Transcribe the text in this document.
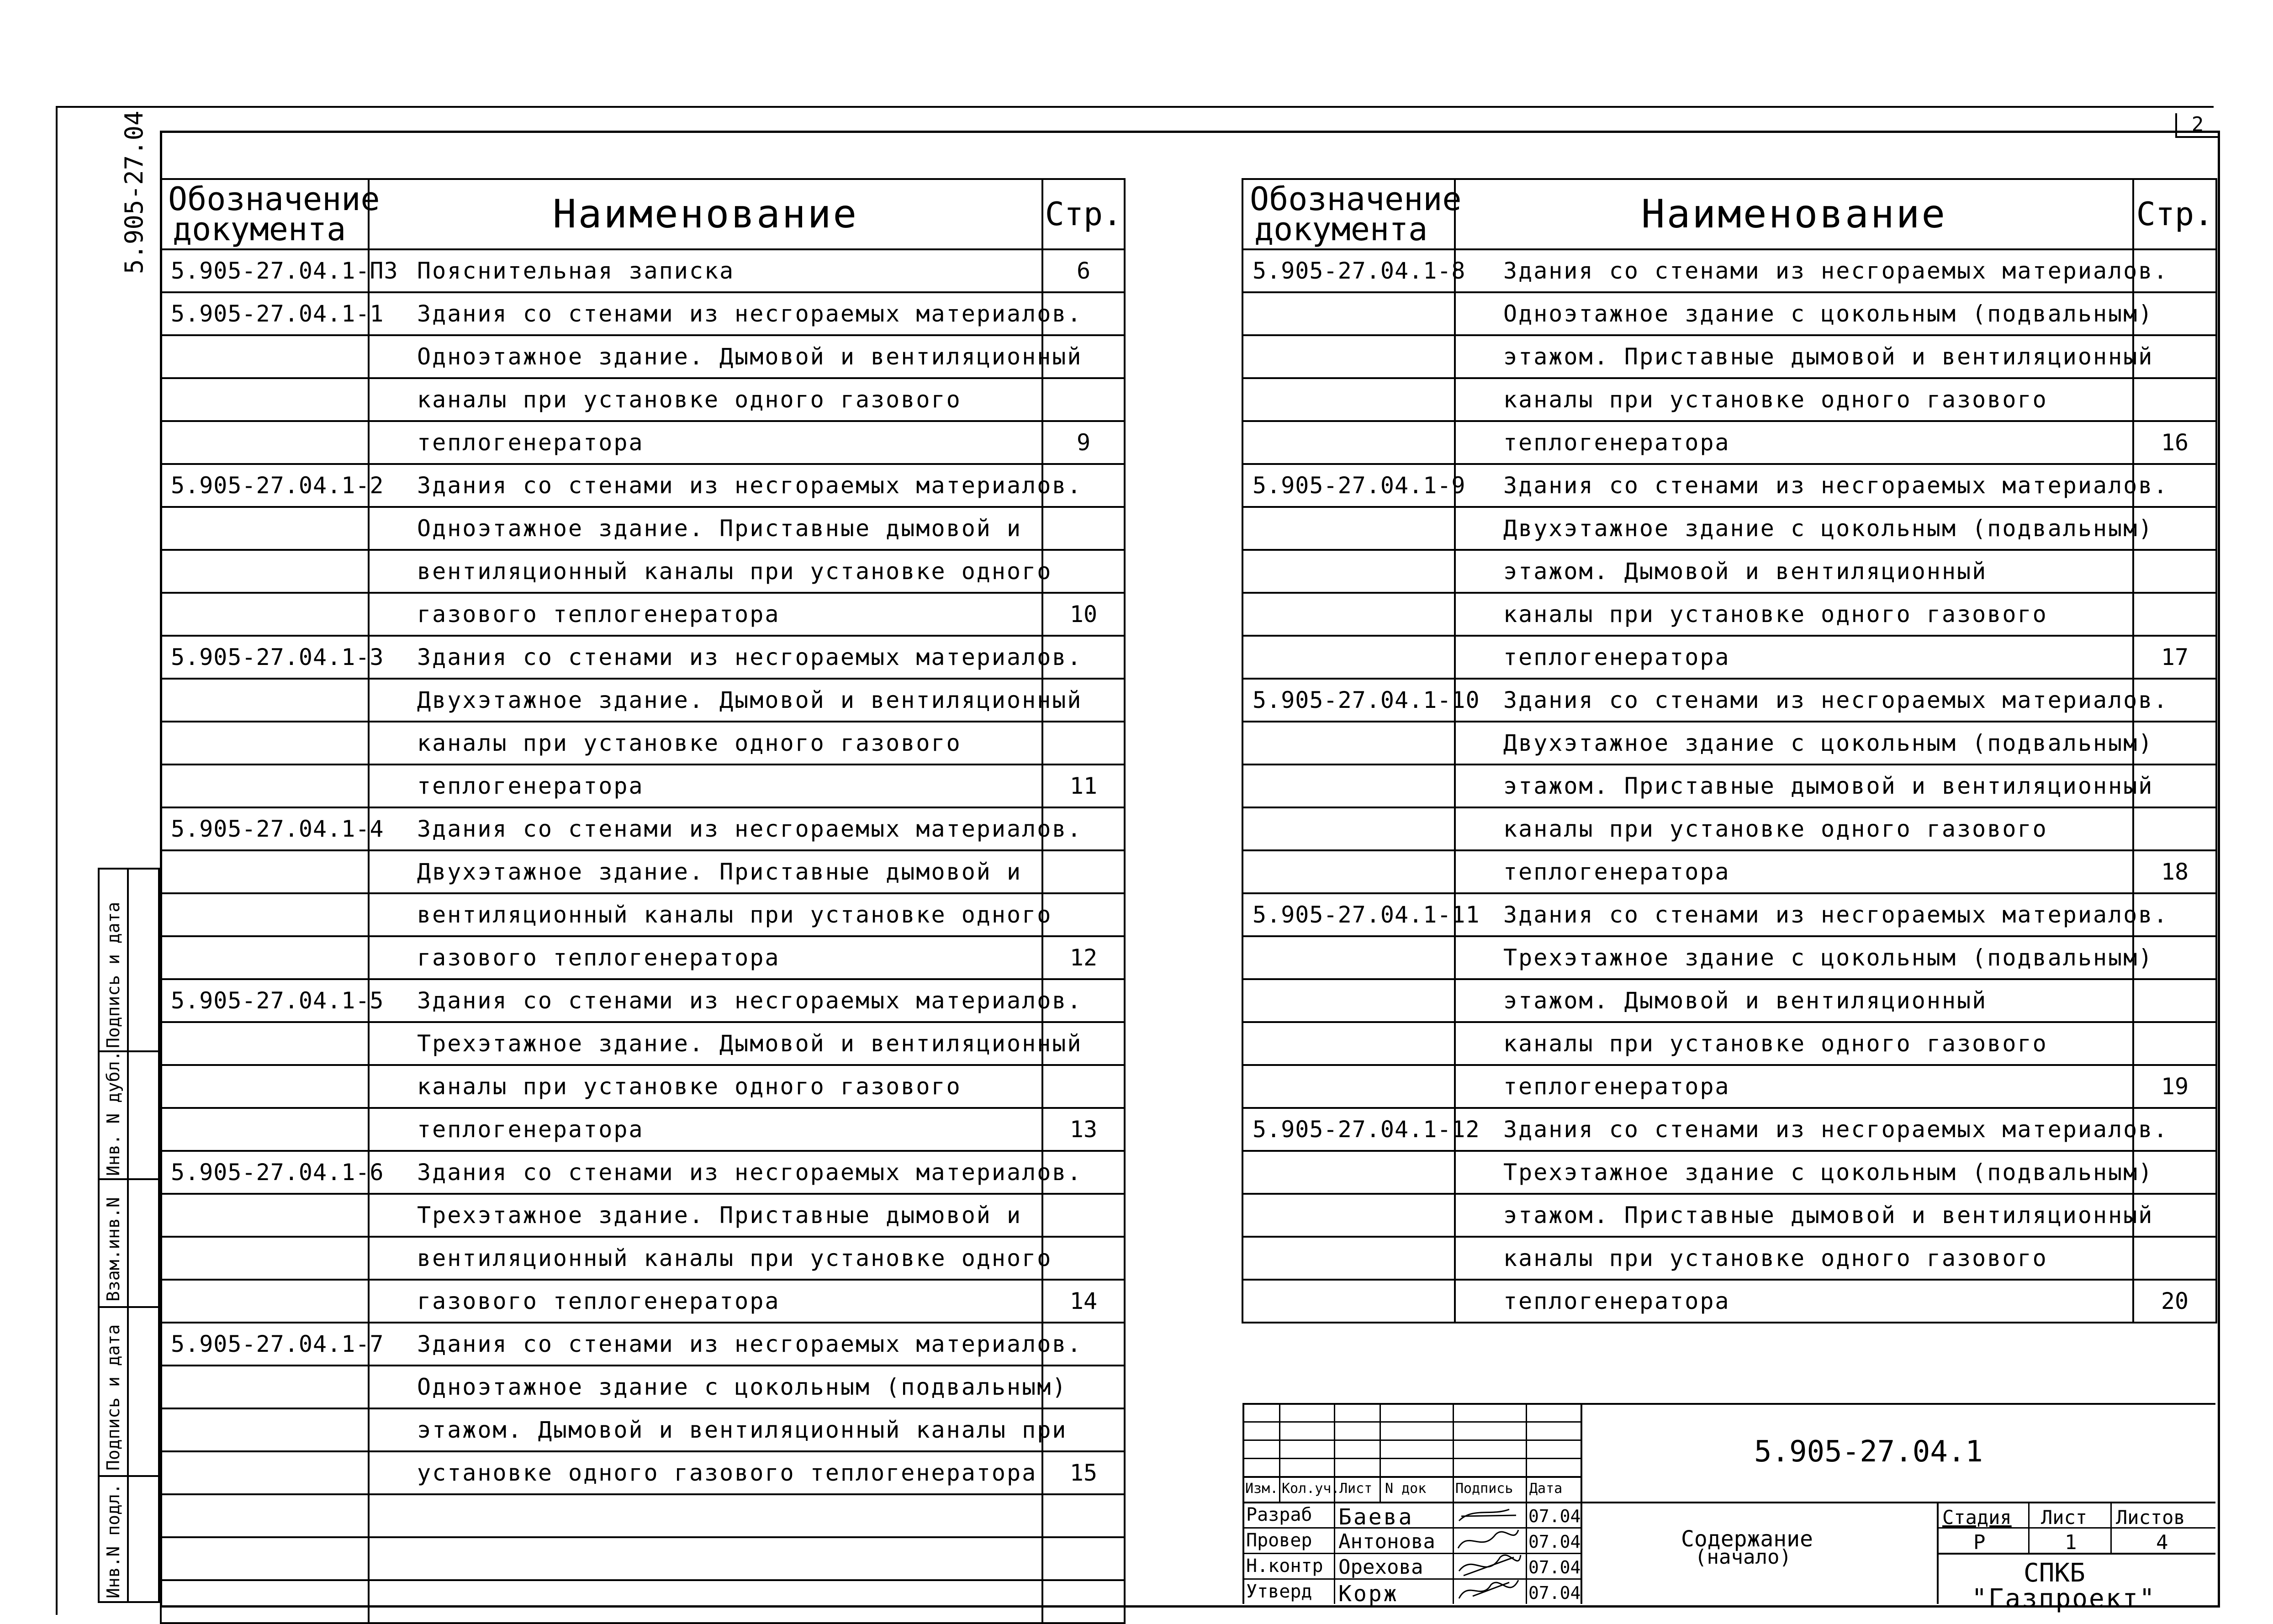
2
5.905-27.04 Обозначение
документа	Наименование	Стр.
5.905-27.04.1-П3	Пояснительная записка	6
5.905-27.04.1-1	Здания со стенами из несгораемых материалов.	
	Одноэтажное здание. Дымовой и вентиляционный	
	каналы при установке одного газового	
	теплогенератора	9
5.905-27.04.1-2	Здания со стенами из несгораемых материалов.	
	Одноэтажное здание. Приставные дымовой и	
	вентиляционный каналы при установке одного	
	газового теплогенератора	10
5.905-27.04.1-3	Здания со стенами из несгораемых материалов.	
	Двухэтажное здание. Дымовой и вентиляционный	
	каналы при установке одного газового	
	теплогенератора	11
5.905-27.04.1-4	Здания со стенами из несгораемых материалов.	
	Двухэтажное здание. Приставные дымовой и	
	вентиляционный каналы при установке одного	
	газового теплогенератора	12
5.905-27.04.1-5	Здания со стенами из несгораемых материалов.	
	Трехэтажное здание. Дымовой и вентиляционный	
	каналы при установке одного газового	
	теплогенератора	13
5.905-27.04.1-6	Здания со стенами из несгораемых материалов.	
	Трехэтажное здание. Приставные дымовой и	
	вентиляционный каналы при установке одного	
	газового теплогенератора	14
5.905-27.04.1-7	Здания со стенами из несгораемых материалов.	
	Одноэтажное здание с цокольным (подвальным)	
	этажом. Дымовой и вентиляционный каналы при	
	установке одного газового теплогенератора	15

Обозначение
документа	Наименование	Стр.
5.905-27.04.1-8	Здания со стенами из несгораемых материалов.	
	Одноэтажное здание с цокольным (подвальным)	
	этажом. Приставные дымовой и вентиляционный	
	каналы при установке одного газового	
	теплогенератора	16
5.905-27.04.1-9	Здания со стенами из несгораемых материалов.	
	Двухэтажное здание с цокольным (подвальным)	
	этажом. Дымовой и вентиляционный	
	каналы при установке одного газового	
	теплогенератора	17
5.905-27.04.1-10	Здания со стенами из несгораемых материалов.	
	Двухэтажное здание с цокольным (подвальным)	
	этажом. Приставные дымовой и вентиляционный	
	каналы при установке одного газового	
	теплогенератора	18
5.905-27.04.1-11	Здания со стенами из несгораемых материалов.	
	Трехэтажное здание с цокольным (подвальным)	
	этажом. Дымовой и вентиляционный	
	каналы при установке одного газового	
	теплогенератора	19
5.905-27.04.1-12	Здания со стенами из несгораемых материалов.	
	Трехэтажное здание с цокольным (подвальным)	
	этажом. Приставные дымовой и вентиляционный	
	каналы при установке одного газового	
	теплогенератора	20
Инв.N подл.
Подпись и дата
Взам.инв.N
Инв. N дубл.
Подпись и дата
Изм. Кол.уч. Лист N док Подпись Дата
Разраб Баева	07.04
Провер Антонова	07.04
Н.контр Орехова	07.04
Утверд Корж	07.04
5.905-27.04.1
Содержание
(начало)
Стадия Лист Листов
Р	1	4
СПКБ
"Газпроект"
